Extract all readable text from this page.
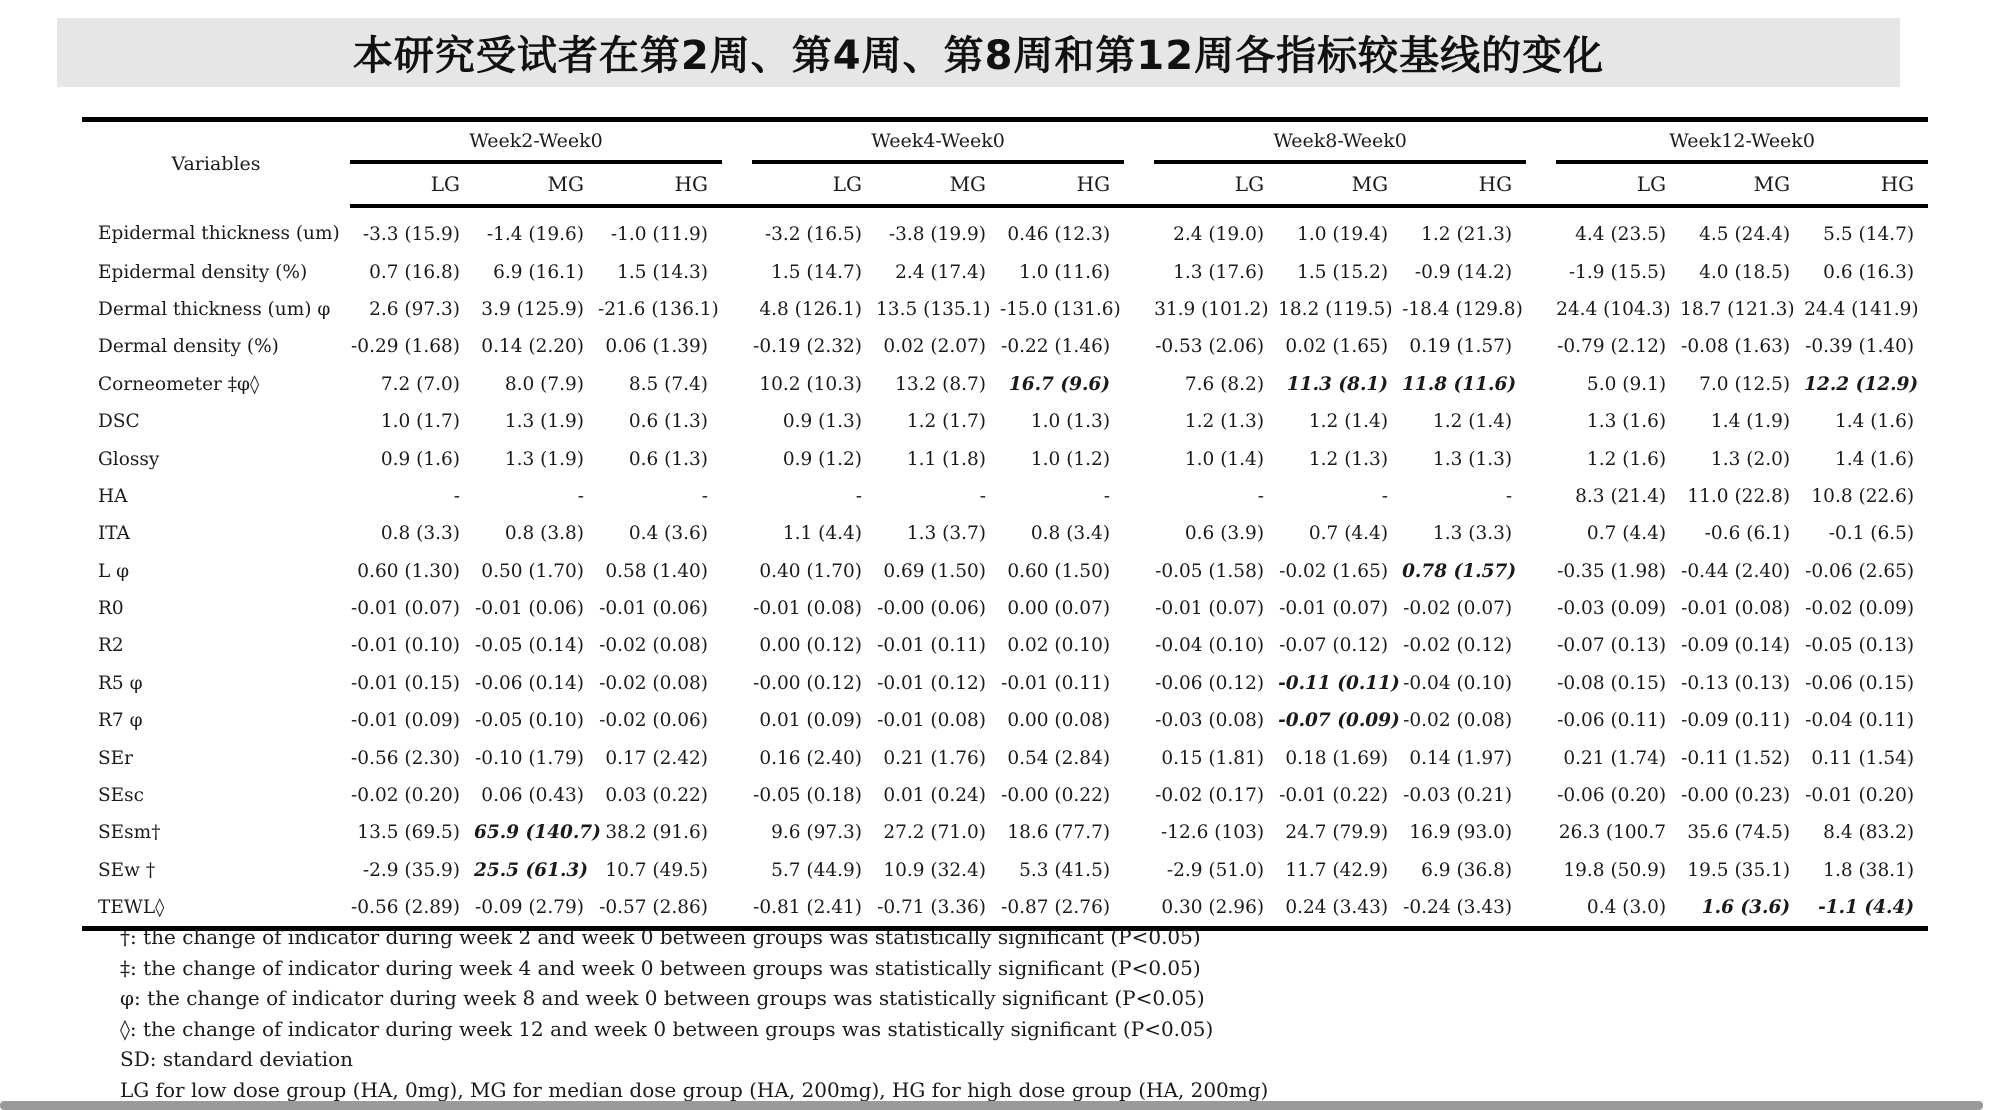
本研究受试者在第2周、第4周、第8周和第12周各指标较基线的变化
Variables	Week2-Week0				Week4-Week0				Week8-Week0				Week12-Week0		
	LG	MG	HG		LG	MG	HG		LG	MG	HG		LG	MG	HG
Epidermal thickness (um)	-3.3 (15.9)	-1.4 (19.6)	-1.0 (11.9)		-3.2 (16.5)	-3.8 (19.9)	0.46 (12.3)		2.4 (19.0)	1.0 (19.4)	1.2 (21.3)		4.4 (23.5)	4.5 (24.4)	5.5 (14.7)
Epidermal density (%)	0.7 (16.8)	6.9 (16.1)	1.5 (14.3)		1.5 (14.7)	2.4 (17.4)	1.0 (11.6)		1.3 (17.6)	1.5 (15.2)	-0.9 (14.2)		-1.9 (15.5)	4.0 (18.5)	0.6 (16.3)
Dermal thickness (um) φ	2.6 (97.3)	3.9 (125.9)	-21.6 (136.1)		4.8 (126.1)	13.5 (135.1)	-15.0 (131.6)		31.9 (101.2)	18.2 (119.5)	-18.4 (129.8)		24.4 (104.3)	18.7 (121.3)	24.4 (141.9)
Dermal density (%)	-0.29 (1.68)	0.14 (2.20)	0.06 (1.39)		-0.19 (2.32)	0.02 (2.07)	-0.22 (1.46)		-0.53 (2.06)	0.02 (1.65)	0.19 (1.57)		-0.79 (2.12)	-0.08 (1.63)	-0.39 (1.40)
Corneometer ‡φ◊	7.2 (7.0)	8.0 (7.9)	8.5 (7.4)		10.2 (10.3)	13.2 (8.7)	16.7 (9.6)		7.6 (8.2)	11.3 (8.1)	11.8 (11.6)		5.0 (9.1)	7.0 (12.5)	12.2 (12.9)
DSC	1.0 (1.7)	1.3 (1.9)	0.6 (1.3)		0.9 (1.3)	1.2 (1.7)	1.0 (1.3)		1.2 (1.3)	1.2 (1.4)	1.2 (1.4)		1.3 (1.6)	1.4 (1.9)	1.4 (1.6)
Glossy	0.9 (1.6)	1.3 (1.9)	0.6 (1.3)		0.9 (1.2)	1.1 (1.8)	1.0 (1.2)		1.0 (1.4)	1.2 (1.3)	1.3 (1.3)		1.2 (1.6)	1.3 (2.0)	1.4 (1.6)
HA	-	-	-		-	-	-		-	-	-		8.3 (21.4)	11.0 (22.8)	10.8 (22.6)
ITA	0.8 (3.3)	0.8 (3.8)	0.4 (3.6)		1.1 (4.4)	1.3 (3.7)	0.8 (3.4)		0.6 (3.9)	0.7 (4.4)	1.3 (3.3)		0.7 (4.4)	-0.6 (6.1)	-0.1 (6.5)
L φ	0.60 (1.30)	0.50 (1.70)	0.58 (1.40)		0.40 (1.70)	0.69 (1.50)	0.60 (1.50)		-0.05 (1.58)	-0.02 (1.65)	0.78 (1.57)		-0.35 (1.98)	-0.44 (2.40)	-0.06 (2.65)
R0	-0.01 (0.07)	-0.01 (0.06)	-0.01 (0.06)		-0.01 (0.08)	-0.00 (0.06)	0.00 (0.07)		-0.01 (0.07)	-0.01 (0.07)	-0.02 (0.07)		-0.03 (0.09)	-0.01 (0.08)	-0.02 (0.09)
R2	-0.01 (0.10)	-0.05 (0.14)	-0.02 (0.08)		0.00 (0.12)	-0.01 (0.11)	0.02 (0.10)		-0.04 (0.10)	-0.07 (0.12)	-0.02 (0.12)		-0.07 (0.13)	-0.09 (0.14)	-0.05 (0.13)
R5 φ	-0.01 (0.15)	-0.06 (0.14)	-0.02 (0.08)		-0.00 (0.12)	-0.01 (0.12)	-0.01 (0.11)		-0.06 (0.12)	-0.11 (0.11)	-0.04 (0.10)		-0.08 (0.15)	-0.13 (0.13)	-0.06 (0.15)
R7 φ	-0.01 (0.09)	-0.05 (0.10)	-0.02 (0.06)		0.01 (0.09)	-0.01 (0.08)	0.00 (0.08)		-0.03 (0.08)	-0.07 (0.09)	-0.02 (0.08)		-0.06 (0.11)	-0.09 (0.11)	-0.04 (0.11)
SEr	-0.56 (2.30)	-0.10 (1.79)	0.17 (2.42)		0.16 (2.40)	0.21 (1.76)	0.54 (2.84)		0.15 (1.81)	0.18 (1.69)	0.14 (1.97)		0.21 (1.74)	-0.11 (1.52)	0.11 (1.54)
SEsc	-0.02 (0.20)	0.06 (0.43)	0.03 (0.22)		-0.05 (0.18)	0.01 (0.24)	-0.00 (0.22)		-0.02 (0.17)	-0.01 (0.22)	-0.03 (0.21)		-0.06 (0.20)	-0.00 (0.23)	-0.01 (0.20)
SEsm†	13.5 (69.5)	65.9 (140.7)	38.2 (91.6)		9.6 (97.3)	27.2 (71.0)	18.6 (77.7)		-12.6 (103)	24.7 (79.9)	16.9 (93.0)		26.3 (100.7	35.6 (74.5)	8.4 (83.2)
SEw †	-2.9 (35.9)	25.5 (61.3)	10.7 (49.5)		5.7 (44.9)	10.9 (32.4)	5.3 (41.5)		-2.9 (51.0)	11.7 (42.9)	6.9 (36.8)		19.8 (50.9)	19.5 (35.1)	1.8 (38.1)
TEWL◊	-0.56 (2.89)	-0.09 (2.79)	-0.57 (2.86)		-0.81 (2.41)	-0.71 (3.36)	-0.87 (2.76)		0.30 (2.96)	0.24 (3.43)	-0.24 (3.43)		0.4 (3.0)	1.6 (3.6)	-1.1 (4.4)
†: the change of indicator during week 2 and week 0 between groups was statistically significant (P<0.05)
‡: the change of indicator during week 4 and week 0 between groups was statistically significant (P<0.05)
φ: the change of indicator during week 8 and week 0 between groups was statistically significant (P<0.05)
◊: the change of indicator during week 12 and week 0 between groups was statistically significant (P<0.05)
SD: standard deviation
LG for low dose group (HA, 0mg), MG for median dose group (HA, 200mg), HG for high dose group (HA, 200mg)
